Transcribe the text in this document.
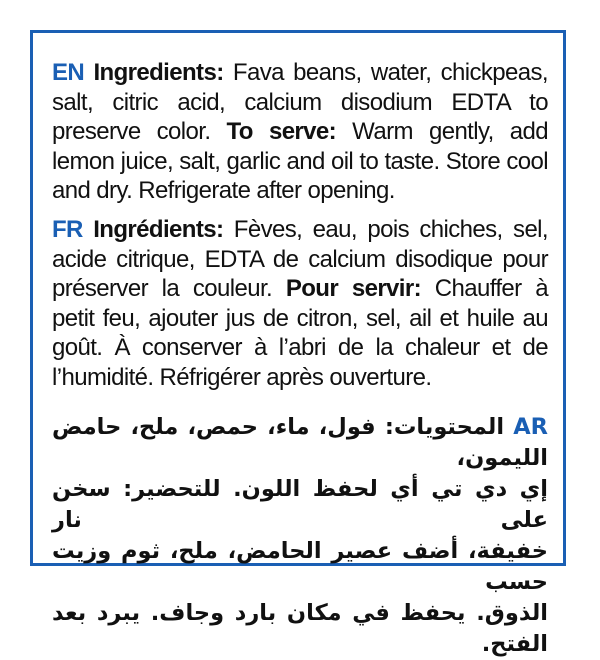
EN Ingredients: Fava beans, water, chickpeas, salt, citric acid, calcium disodium EDTA to preserve color. To serve: Warm gently, add lemon juice, salt, garlic and oil to taste. Store cool and dry. Refrigerate after opening.
FR Ingrédients: Fèves, eau, pois chiches, sel, acide citrique, EDTA de calcium disodique pour préserver la couleur. Pour servir: Chauffer à petit feu, ajouter jus de citron, sel, ail et huile au goût. À conserver à l’abri de la chaleur et de l’humidité. Réfrigérer après ouverture.
AR المحتويات: فول، ماء، حمص، ملح، حامض الليمون،
إي دي تي أي لحفظ اللون. للتحضير: سخن على نار
خفيفة، أضف عصير الحامض، ملح، ثوم وزيت حسب
الذوق. يحفظ في مكان بارد وجاف. يبرد بعد الفتح.
